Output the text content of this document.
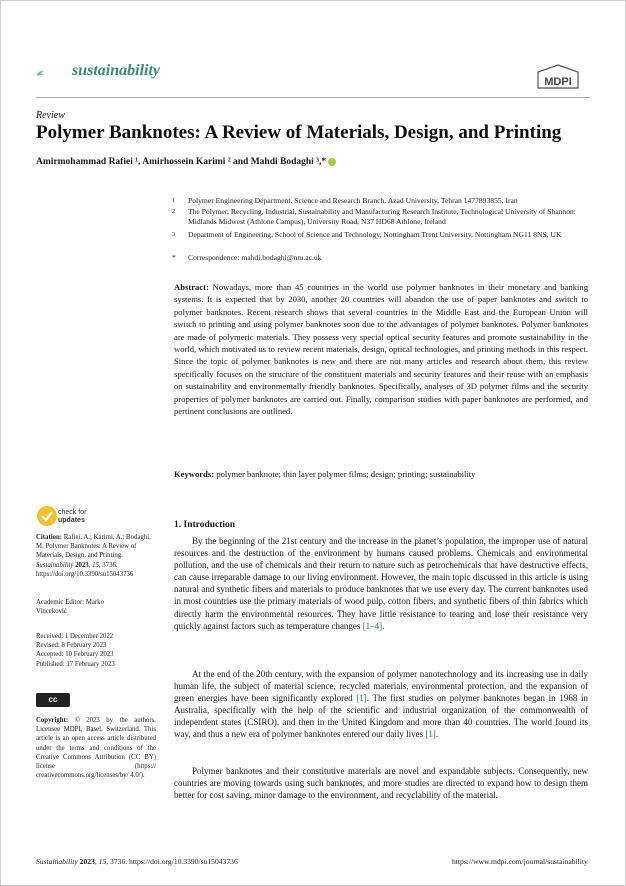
sustainability
MDPI
Review
Polymer Banknotes: A Review of Materials, Design, and Printing
Amirmohammad Rafiei ¹, Amirhossein Karimi ² and Mahdi Bodaghi ³,*
1 Polymer Engineering Department, Science and Research Branch, Azad University, Tehran 1477893855, Iran
2 The Polymer, Recycling, Industrial, Sustainability and Manufacturing Research Institute, Technological University of Shannon: Midlands Midwest (Athlone Campus), University Road, N37 HD68 Athlone, Ireland
3 Department of Engineering, School of Science and Technology, Nottingham Trent University, Nottingham NG11 8NS, UK
* Correspondence: mahdi.bodaghi@ntu.ac.uk
Abstract: Nowadays, more than 45 countries in the world use polymer banknotes in their monetary and banking systems. It is expected that by 2030, another 20 countries will abandon the use of paper banknotes and switch to polymer banknotes. Recent research shows that several countries in the Middle East and the European Union will switch to printing and using polymer banknotes soon due to the advantages of polymer banknotes. Polymer banknotes are made of polymeric materials. They possess very special optical security features and promote sustainability in the world, which motivated us to review recent materials, design, optical technologies, and printing methods in this respect. Since the topic of polymer banknotes is new and there are not many articles and research about them, this review specifically focuses on the structure of the constituent materials and security features and their reuse with an emphasis on sustainability and environmentally friendly banknotes. Specifically, analyses of 3D polymer films and the security properties of polymer banknotes are carried out. Finally, comparison studies with paper banknotes are performed, and pertinent conclusions are outlined.
Keywords: polymer banknote; thin layer polymer films; design; printing; sustainability
check for
updates
Citation: Rafiei, A.; Karimi, A.; Bodaghi, M. Polymer Banknotes: A Review of Materials, Design, and Printing. Sustainability 2023, 15, 3736. https://doi.org/10.3390/su15043736
Academic Editor: Marko
Vinceković
Received: 1 December 2022
Revised: 8 February 2023
Accepted: 10 February 2023
Published: 17 February 2023
cc
Copyright: © 2023 by the authors. Licensee MDPI, Basel, Switzerland. This article is an open access article distributed under the terms and conditions of the Creative Commons Attribution (CC BY) license (https:// creativecommons.org/licenses/by/ 4.0/).
1. Introduction
By the beginning of the 21st century and the increase in the planet’s population, the improper use of natural resources and the destruction of the environment by humans caused problems. Chemicals and environmental pollution, and the use of chemicals and their return to nature such as petrochemicals that have destructive effects, can cause irreparable damage to our living environment. However, the main topic discussed in this article is using natural and synthetic fibers and materials to produce banknotes that we use every day. The current banknotes used in most countries use the primary materials of wood pulp, cotton fibers, and synthetic fibers of thin fabrics which directly harm the environmental resources. They have little resistance to tearing and lose their resistance very quickly against factors such as temperature changes [1–4].
At the end of the 20th century, with the expansion of polymer nanotechnology and its increasing use in daily human life, the subject of material science, recycled materials, environmental protection, and the expansion of green energies have been significantly explored [1]. The first studies on polymer banknotes began in 1968 in Australia, specifically with the help of the scientific and industrial organization of the commonwealth of independent states (CSIRO), and then in the United Kingdom and more than 40 countries. The world found its way, and thus a new era of polymer banknotes entered our daily lives [1].
Polymer banknotes and their constitutive materials are novel and expandable subjects. Consequently, new countries are moving towards using such banknotes, and more studies are directed to expand how to design them better for cost saving, minor damage to the environment, and recyclability of the material.
Sustainability 2023, 15, 3736. https://doi.org/10.3390/su15043736	https://www.mdpi.com/journal/sustainability
